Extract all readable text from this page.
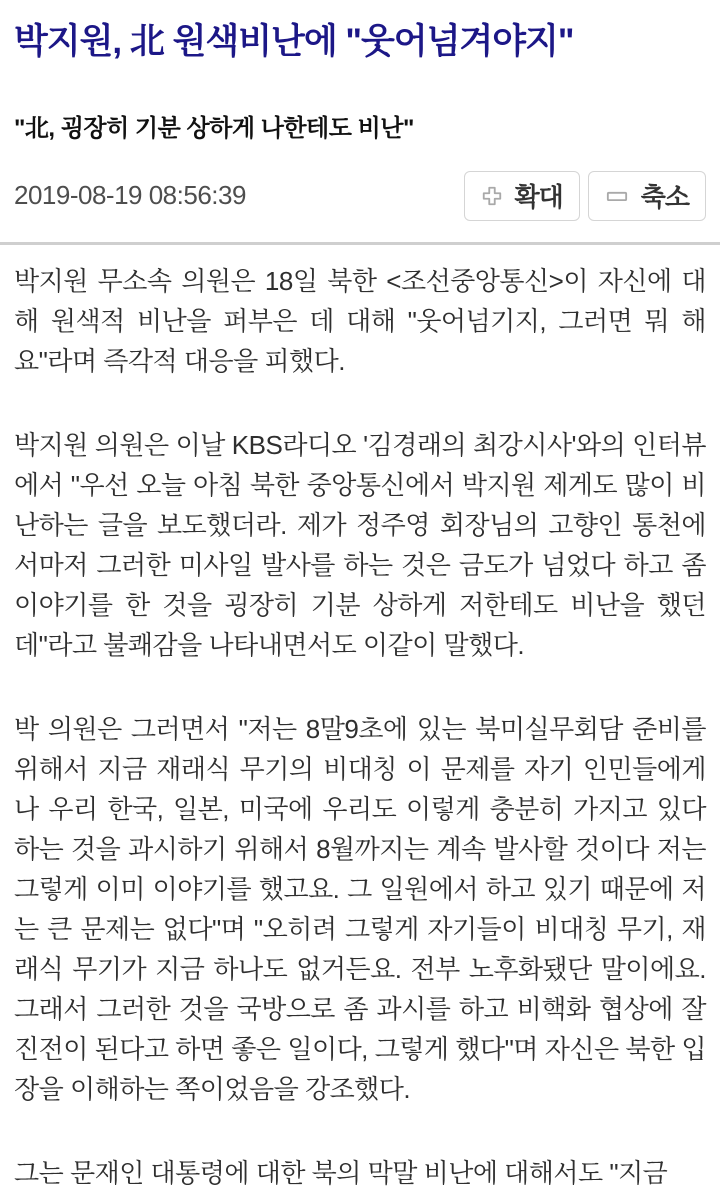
박지원, 北 원색비난에 "웃어넘겨야지"
"北, 굉장히 기분 상하게 나한테도 비난"
2019-08-19 08:56:39	확대	축소

박지원 무소속 의원은 18일 북한 <조선중앙통신>이 자신에 대해 원색적 비난을 퍼부은 데 대해 "웃어넘기지, 그러면 뭐 해요"라며 즉각적 대응을 피했다.

박지원 의원은 이날 KBS라디오 '김경래의 최강시사'와의 인터뷰에서 "우선 오늘 아침 북한 중앙통신에서 박지원 제게도 많이 비난하는 글을 보도했더라. 제가 정주영 회장님의 고향인 통천에서마저 그러한 미사일 발사를 하는 것은 금도가 넘었다 하고 좀 이야기를 한 것을 굉장히 기분 상하게 저한테도 비난을 했던데"라고 불쾌감을 나타내면서도 이같이 말했다.

박 의원은 그러면서 "저는 8말9초에 있는 북미실무회담 준비를 위해서 지금 재래식 무기의 비대칭 이 문제를 자기 인민들에게나 우리 한국, 일본, 미국에 우리도 이렇게 충분히 가지고 있다 하는 것을 과시하기 위해서 8월까지는 계속 발사할 것이다 저는 그렇게 이미 이야기를 했고요. 그 일원에서 하고 있기 때문에 저는 큰 문제는 없다"며 "오히려 그렇게 자기들이 비대칭 무기, 재래식 무기가 지금 하나도 없거든요. 전부 노후화됐단 말이에요. 그래서 그러한 것을 국방으로 좀 과시를 하고 비핵화 협상에 잘 진전이 된다고 하면 좋은 일이다, 그렇게 했다"며 자신은 북한 입장을 이해하는 쪽이었음을 강조했다.

그는 문재인 대통령에 대한 북의 막말 비난에 대해서도 "지금
